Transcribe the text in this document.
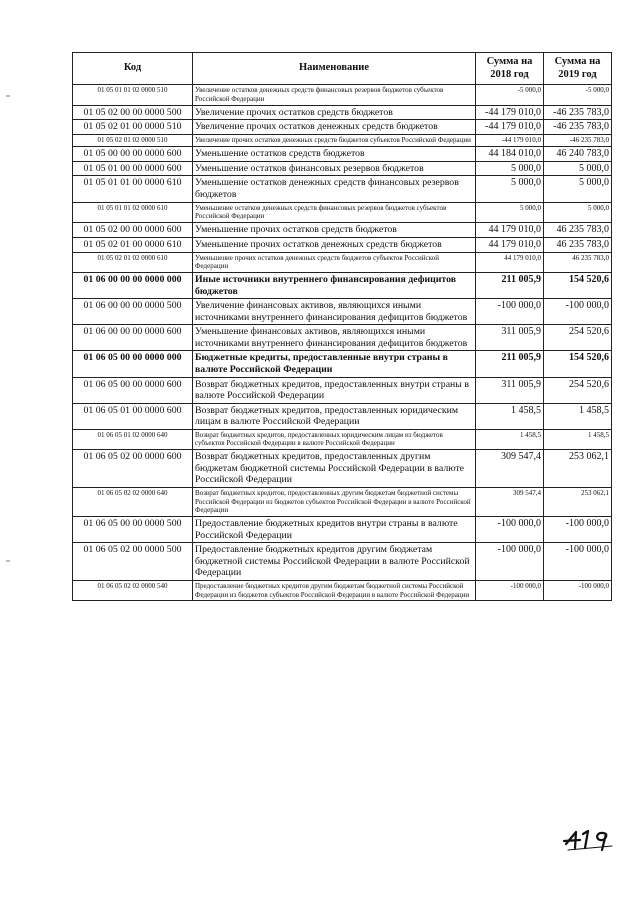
Код	Наименование	Сумма на 2018 год	Сумма на 2019 год
01 05 01 01 02 0000 510	Увеличение остатков денежных средств финансовых резервов бюджетов субъектов Российской Федерации	-5 000,0	-5 000,0
01 05 02 00 00 0000 500	Увеличение прочих остатков средств бюджетов	-44 179 010,0	-46 235 783,0
01 05 02 01 00 0000 510	Увеличение прочих остатков денежных средств бюджетов	-44 179 010,0	-46 235 783,0
01 05 02 01 02 0000 510	Увеличение прочих остатков денежных средств бюджетов субъектов Российской Федерации	-44 179 010,0	-46 235 783,0
01 05 00 00 00 0000 600	Уменьшение остатков средств бюджетов	44 184 010,0	46 240 783,0
01 05 01 00 00 0000 600	Уменьшение остатков финансовых резервов бюджетов	5 000,0	5 000,0
01 05 01 01 00 0000 610	Уменьшение остатков денежных средств финансовых резервов бюджетов	5 000,0	5 000,0
01 05 01 01 02 0000 610	Уменьшение остатков денежных средств финансовых резервов бюджетов субъектов Российской Федерации	5 000,0	5 000,0
01 05 02 00 00 0000 600	Уменьшение прочих остатков средств бюджетов	44 179 010,0	46 235 783,0
01 05 02 01 00 0000 610	Уменьшение прочих остатков денежных средств бюджетов	44 179 010,0	46 235 783,0
01 05 02 01 02 0000 610	Уменьшение прочих остатков денежных средств бюджетов субъектов Российской Федерации	44 179 010,0	46 235 783,0
01 06 00 00 00 0000 000	Иные источники внутреннего финансирования дефицитов бюджетов	211 005,9	154 520,6
01 06 00 00 00 0000 500	Увеличение финансовых активов, являющихся иными источниками внутреннего финансирования дефицитов бюджетов	-100 000,0	-100 000,0
01 06 00 00 00 0000 600	Уменьшение финансовых активов, являющихся иными источниками внутреннего финансирования дефицитов бюджетов	311 005,9	254 520,6
01 06 05 00 00 0000 000	Бюджетные кредиты, предоставленные внутри страны в валюте Российской Федерации	211 005,9	154 520,6
01 06 05 00 00 0000 600	Возврат бюджетных кредитов, предоставленных внутри страны в валюте Российской Федерации	311 005,9	254 520,6
01 06 05 01 00 0000 600	Возврат бюджетных кредитов, предоставленных юридическим лицам в валюте Российской Федерации	1 458,5	1 458,5
01 06 05 01 02 0000 640	Возврат бюджетных кредитов, предоставленных юридическим лицам из бюджетов субъектов Российской Федерации в валюте Российской Федерации	1 458,5	1 458,5
01 06 05 02 00 0000 600	Возврат бюджетных кредитов, предоставленных другим бюджетам бюджетной системы Российской Федерации в валюте Российской Федерации	309 547,4	253 062,1
01 06 05 02 02 0000 640	Возврат бюджетных кредитов, предоставленных другим бюджетам бюджетной системы Российской Федерации из бюджетов субъектов Российской Федерации в валюте Российской Федерации	309 547,4	253 062,1
01 06 05 00 00 0000 500	Предоставление бюджетных кредитов внутри страны в валюте Российской Федерации	-100 000,0	-100 000,0
01 06 05 02 00 0000 500	Предоставление бюджетных кредитов другим бюджетам бюджетной системы Российской Федерации в валюте Российской Федерации	-100 000,0	-100 000,0
01 06 05 02 02 0000 540	Предоставление бюджетных кредитов другим бюджетам бюджетной системы Российской Федерации из бюджетов субъектов Российской Федерации в валюте Российской Федерации	-100 000,0	-100 000,0
